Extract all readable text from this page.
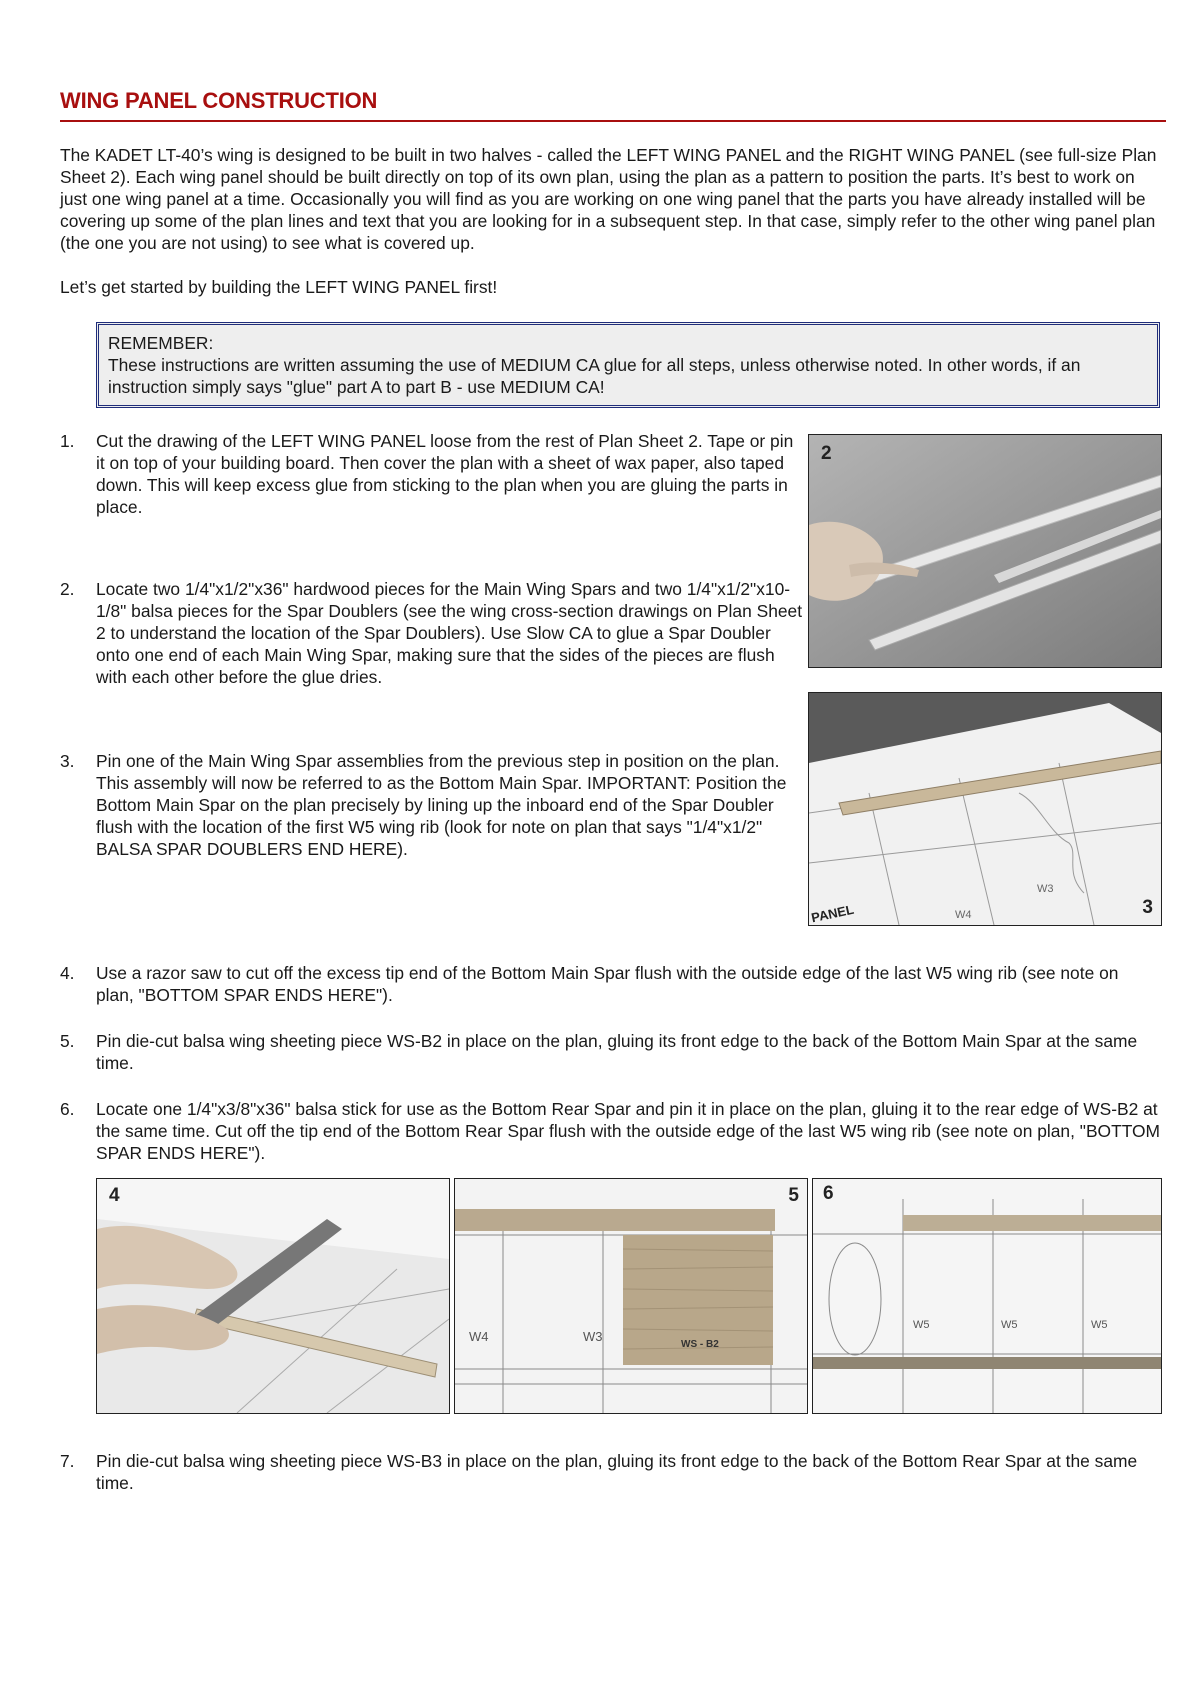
WING PANEL CONSTRUCTION

The KADET LT-40’s wing is designed to be built in two halves - called the LEFT WING PANEL and the RIGHT WING PANEL (see full-size Plan Sheet 2). Each wing panel should be built directly on top of its own plan, using the plan as a pattern to position the parts. It’s best to work on just one wing panel at a time. Occasionally you will find as you are working on one wing panel that the parts you have already installed will be covering up some of the plan lines and text that you are looking for in a subsequent step. In that case, simply refer to the other wing panel plan (the one you are not using) to see what is covered up.

Let’s get started by building the LEFT WING PANEL first!

REMEMBER:
These instructions are written assuming the use of MEDIUM CA glue for all steps, unless otherwise noted. In other words, if an instruction simply says "glue" part A to part B - use MEDIUM CA!
1.	Cut the drawing of the LEFT WING PANEL loose from the rest of Plan Sheet 2. Tape or pin it on top of your building board. Then cover the plan with a sheet of wax paper, also taped down. This will keep excess glue from sticking to the plan when you are gluing the parts in place.
2.	Locate two 1/4"x1/2"x36" hardwood pieces for the Main Wing Spars and two 1/4"x1/2"x10-1/8" balsa pieces for the Spar Doublers (see the wing cross-section drawings on Plan Sheet 2 to understand the location of the Spar Doublers). Use Slow CA to glue a Spar Doubler onto one end of each Main Wing Spar, making sure that the sides of the pieces are flush with each other before the glue dries.
3.	Pin one of the Main Wing Spar assemblies from the previous step in position on the plan. This assembly will now be referred to as the Bottom Main Spar. IMPORTANT: Position the Bottom Main Spar on the plan precisely by lining up the inboard end of the Spar Doubler flush with the location of the first W5 wing rib (look for note on plan that says "1/4"x1/2" BALSA SPAR DOUBLERS END HERE).
4.	Use a razor saw to cut off the excess tip end of the Bottom Main Spar flush with the outside edge of the last W5 wing rib (see note on plan, "BOTTOM SPAR ENDS HERE").
5.	Pin die-cut balsa wing sheeting piece WS-B2 in place on the plan, gluing its front edge to the back of the Bottom Main Spar at the same time.
6.	Locate one 1/4"x3/8"x36" balsa stick for use as the Bottom Rear Spar and pin it in place on the plan, gluing it to the rear edge of WS-B2 at the same time. Cut off the tip end of the Bottom Rear Spar flush with the outside edge of the last W5 wing rib (see note on plan, "BOTTOM SPAR ENDS HERE").
7.	Pin die-cut balsa wing sheeting piece WS-B3 in place on the plan, gluing its front edge to the back of the Bottom Rear Spar at the same time.
2
3
PANEL	W4
W3
4	5
W4	W3
WS - B2
6
W5	W5	W5
